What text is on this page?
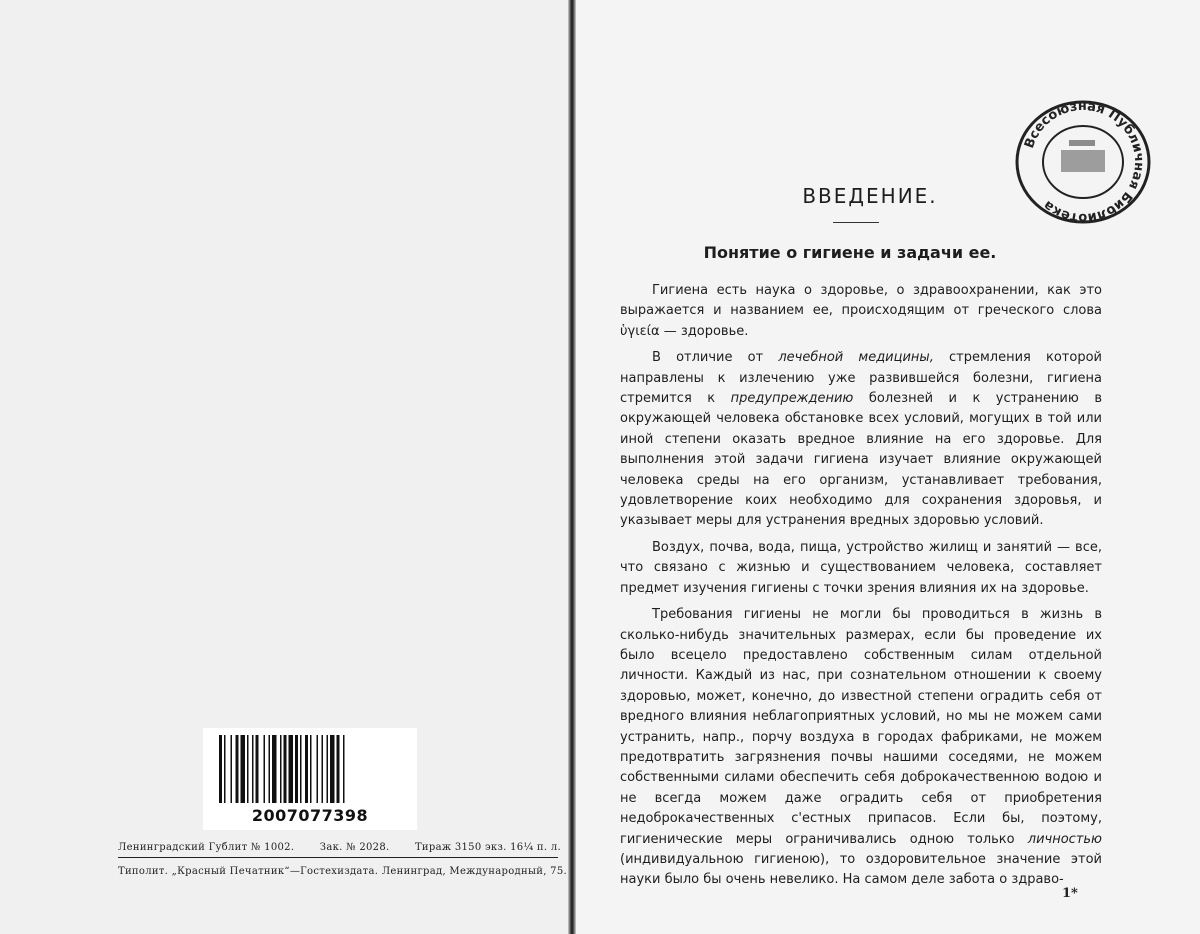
2007077398
Ленинградский Гублит № 1002.	Зак. № 2028.	Тираж 3150 экз. 16¼ п. л.
Типолит. „Красный Печатник“—Гостехиздата. Ленинград, Международный, 75.
Всесоюзная Публичная Библиотека
ВВЕДЕНИЕ.
Понятие о гигиене и задачи ее.

Гигиена есть наука о здоровье, о здравоохранении, как это выражается и названием ее, происходящим от греческого слова ὑγιεία — здоровье.

В отличие от лечебной медицины, стремления которой направлены к излечению уже развившейся болезни, гигиена стремится к предупреждению болезней и к устранению в окружающей человека обстановке всех условий, могущих в той или иной степени оказать вредное влияние на его здоровье. Для выполнения этой задачи гигиена изучает влияние окружающей человека среды на его организм, устанавливает требования, удовлетворение коих необходимо для сохранения здоровья, и указывает меры для устранения вредных здоровью условий.

Воздух, почва, вода, пища, устройство жилищ и занятий — все, что связано с жизнью и существованием человека, составляет предмет изучения гигиены с точки зрения влияния их на здоровье.

Требования гигиены не могли бы проводиться в жизнь в сколько-нибудь значительных размерах, если бы проведение их было всецело предоставлено собственным силам отдельной личности. Каждый из нас, при сознательном отношении к своему здоровью, может, конечно, до известной степени оградить себя от вредного влияния неблагоприятных условий, но мы не можем сами устранить, напр., порчу воздуха в городах фабриками, не можем предотвратить загрязнения почвы нашими соседями, не можем собственными силами обеспечить себя доброкачественною водою и не всегда можем даже оградить себя от приобретения недоброкачественных с'естных припасов. Если бы, поэтому, гигиенические меры ограничивались одною только личностью (индивидуальною гигиеною), то оздоровительное значение этой науки было бы очень невелико. На самом деле забота о здраво-

1*
